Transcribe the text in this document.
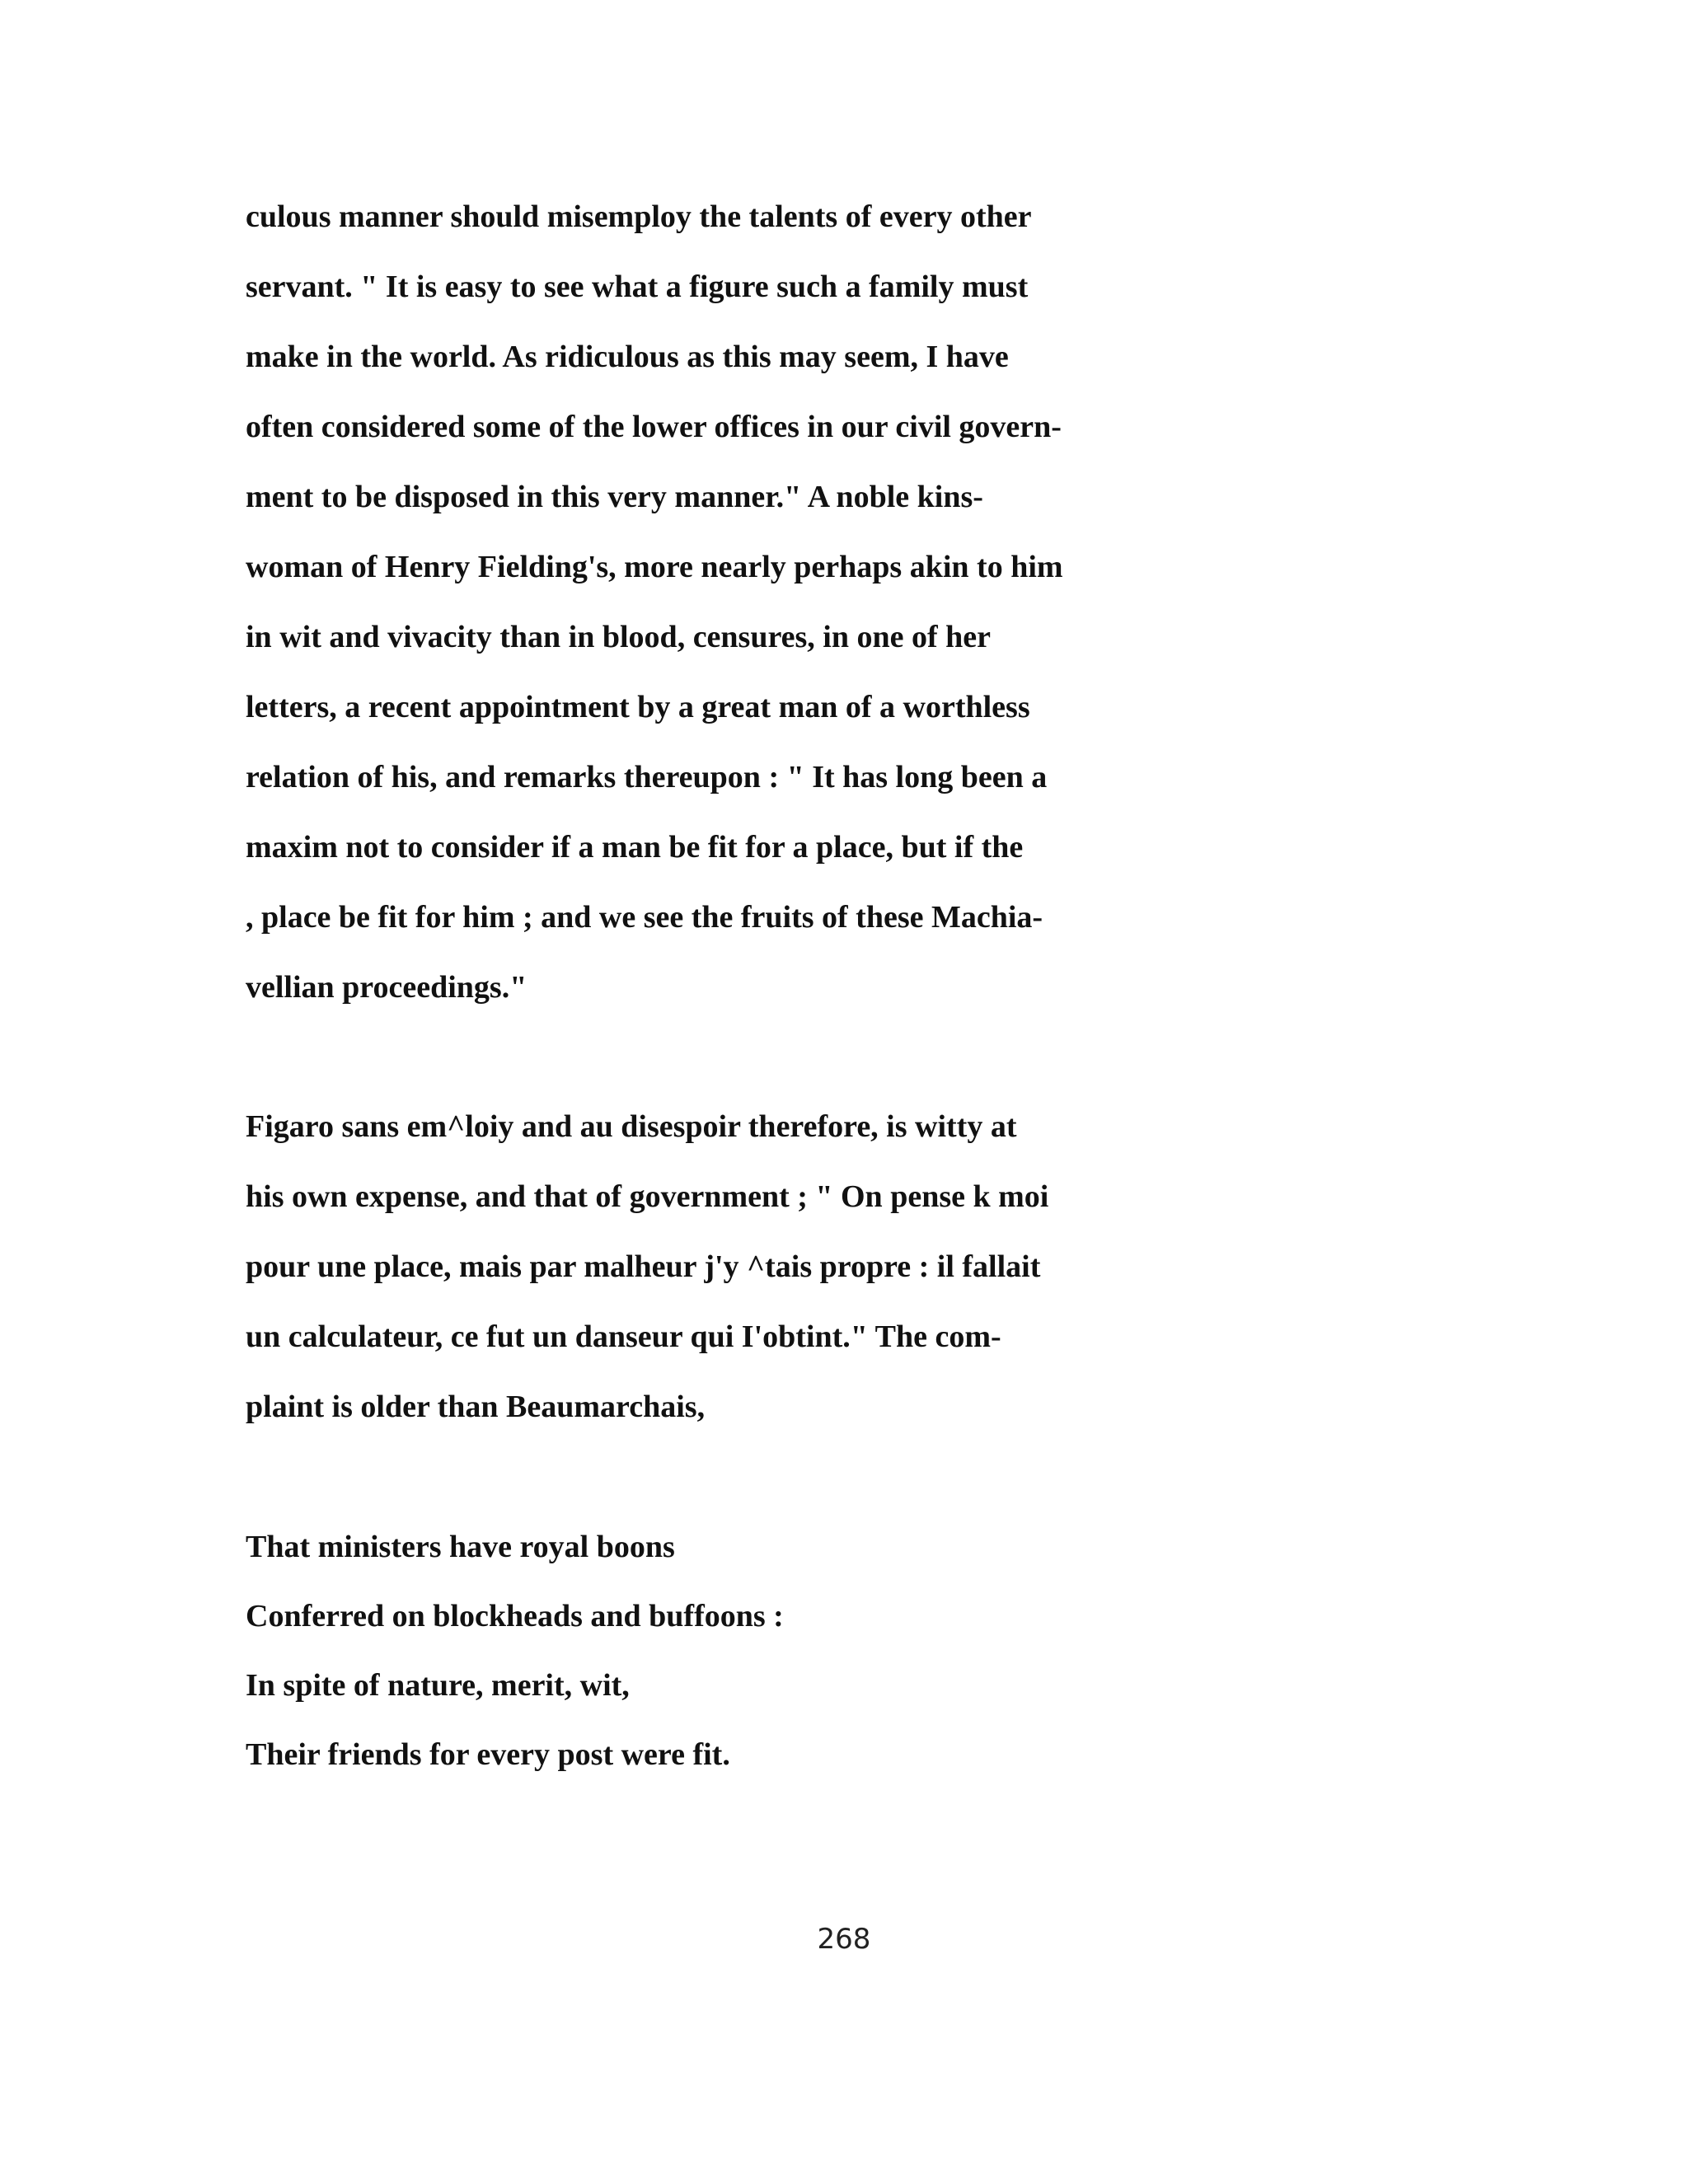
culous manner should misemploy the talents of every other
servant. " It is easy to see what a figure such a family must
make in the world. As ridiculous as this may seem, I have
often considered some of the lower offices in our civil govern-
ment to be disposed in this very manner." A noble kins-
woman of Henry Fielding's, more nearly perhaps akin to him
in wit and vivacity than in blood, censures, in one of her
letters, a recent appointment by a great man of a worthless
relation of his, and remarks thereupon : " It has long been a
maxim not to consider if a man be fit for a place, but if the
, place be fit for him ; and we see the fruits of these Machia-
vellian proceedings."
Figaro sans em^loiy and au disespoir therefore, is witty at
his own expense, and that of government ; " On pense k moi
pour une place, mais par malheur j'y ^tais propre : il fallait
un calculateur, ce fut un danseur qui I'obtint." The com-
plaint is older than Beaumarchais,
That ministers have royal boons
Conferred on blockheads and buffoons :
In spite of nature, merit, wit,
Their friends for every post were fit.
268
